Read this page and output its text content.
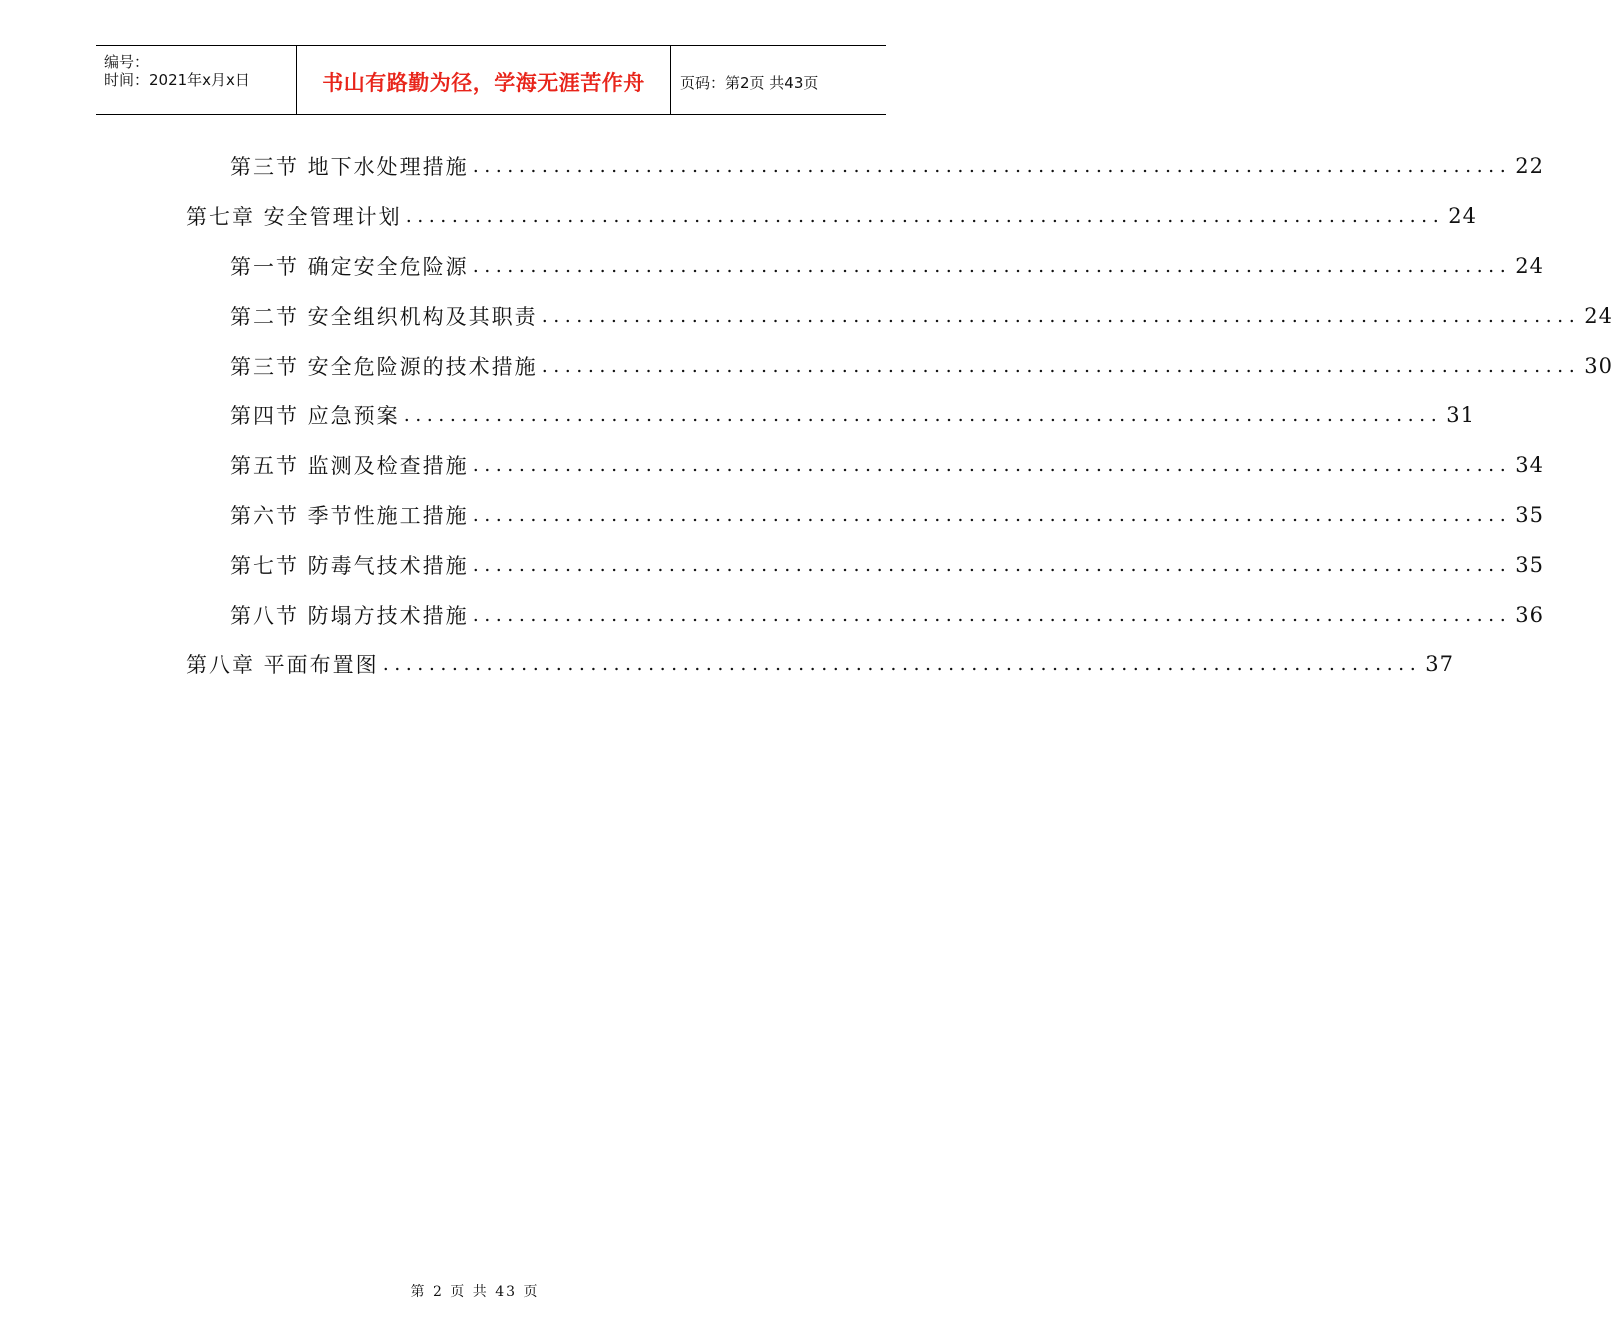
编号：
时间：2021年x月x日	书山有路勤为径，学海无涯苦作舟	页码：第2页 共43页
第三节 地下水处理措施 .......................................................................................... 22
第七章 安全管理计划 .......................................................................................... 24
第一节 确定安全危险源 .......................................................................................... 24
第二节 安全组织机构及其职责 .......................................................................................... 24
第三节 安全危险源的技术措施 .......................................................................................... 30
第四节 应急预案 .......................................................................................... 31
第五节 监测及检查措施 .......................................................................................... 34
第六节 季节性施工措施 .......................................................................................... 35
第七节 防毒气技术措施 .......................................................................................... 35
第八节 防塌方技术措施 .......................................................................................... 36
第八章 平面布置图 .......................................................................................... 37
第 2 页 共 43 页
